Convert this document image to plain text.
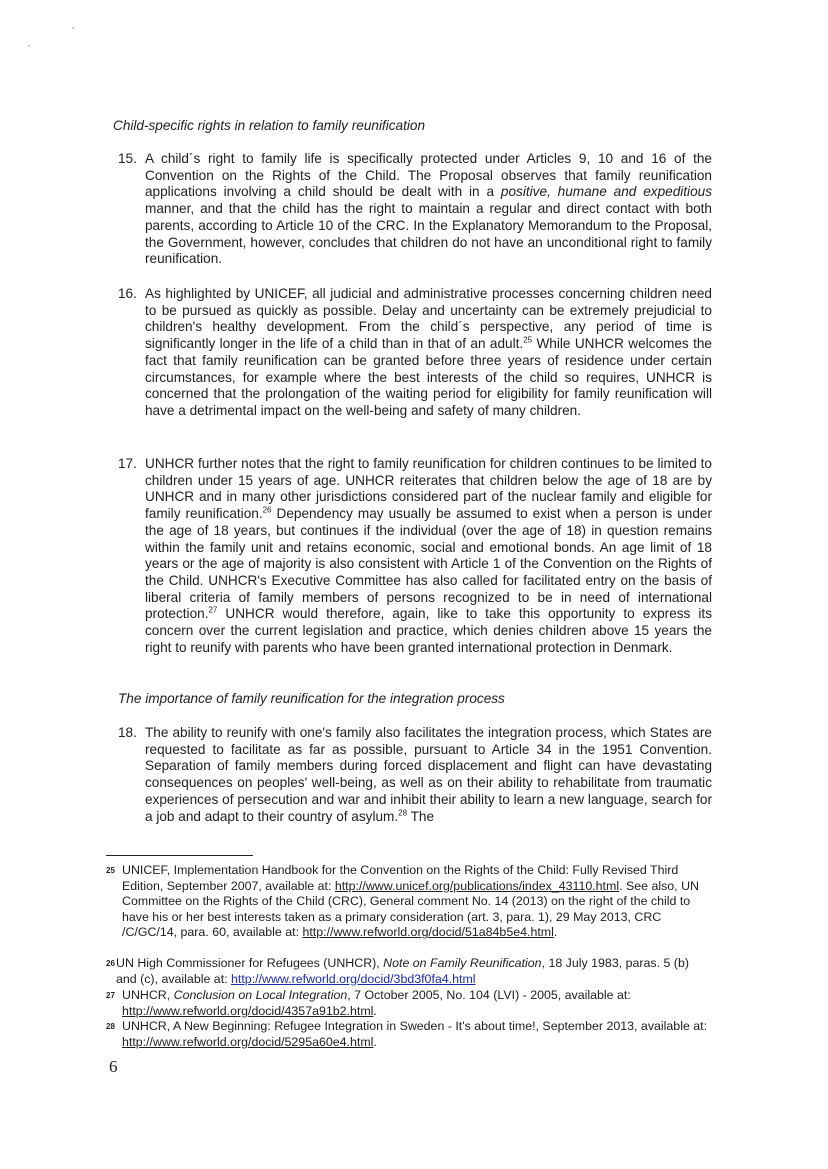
Child-specific rights in relation to family reunification
15. A child´s right to family life is specifically protected under Articles 9, 10 and 16 of the Convention on the Rights of the Child. The Proposal observes that family reunification applications involving a child should be dealt with in a positive, humane and expeditious manner, and that the child has the right to maintain a regular and direct contact with both parents, according to Article 10 of the CRC. In the Explanatory Memorandum to the Proposal, the Government, however, concludes that children do not have an unconditional right to family reunification.
16. As highlighted by UNICEF, all judicial and administrative processes concerning children need to be pursued as quickly as possible. Delay and uncertainty can be extremely prejudicial to children's healthy development. From the child´s perspective, any period of time is significantly longer in the life of a child than in that of an adult.$^{25}$ While UNHCR welcomes the fact that family reunification can be granted before three years of residence under certain circumstances, for example where the best interests of the child so requires, UNHCR is concerned that the prolongation of the waiting period for eligibility for family reunification will have a detrimental impact on the well-being and safety of many children.
17. UNHCR further notes that the right to family reunification for children continues to be limited to children under 15 years of age. UNHCR reiterates that children below the age of 18 are by UNHCR and in many other jurisdictions considered part of the nuclear family and eligible for family reunification.$^{26}$ Dependency may usually be assumed to exist when a person is under the age of 18 years, but continues if the individual (over the age of 18) in question remains within the family unit and retains economic, social and emotional bonds. An age limit of 18 years or the age of majority is also consistent with Article 1 of the Convention on the Rights of the Child. UNHCR's Executive Committee has also called for facilitated entry on the basis of liberal criteria of family members of persons recognized to be in need of international protection.$^{27}$ UNHCR would therefore, again, like to take this opportunity to express its concern over the current legislation and practice, which denies children above 15 years the right to reunify with parents who have been granted international protection in Denmark.
The importance of family reunification for the integration process
18. The ability to reunify with one's family also facilitates the integration process, which States are requested to facilitate as far as possible, pursuant to Article 34 in the 1951 Convention. Separation of family members during forced displacement and flight can have devastating consequences on peoples' well-being, as well as on their ability to rehabilitate from traumatic experiences of persecution and war and inhibit their ability to learn a new language, search for a job and adapt to their country of asylum.$^{28}$ The
25 UNICEF, Implementation Handbook for the Convention on the Rights of the Child: Fully Revised Third Edition, September 2007, available at: http://www.unicef.org/publications/index_43110.html. See also, UN Committee on the Rights of the Child (CRC), General comment No. 14 (2013) on the right of the child to have his or her best interests taken as a primary consideration (art. 3, para. 1), 29 May 2013, CRC /C/GC/14, para. 60, available at: http://www.refworld.org/docid/51a84b5e4.html.
26 UN High Commissioner for Refugees (UNHCR), Note on Family Reunification, 18 July 1983, paras. 5 (b) and (c), available at: http://www.refworld.org/docid/3bd3f0fa4.html
27 UNHCR, Conclusion on Local Integration, 7 October 2005, No. 104 (LVI) - 2005, available at: http://www.refworld.org/docid/4357a91b2.html.
28 UNHCR, A New Beginning: Refugee Integration in Sweden - It's about time!, September 2013, available at: http://www.refworld.org/docid/5295a60e4.html.
6
